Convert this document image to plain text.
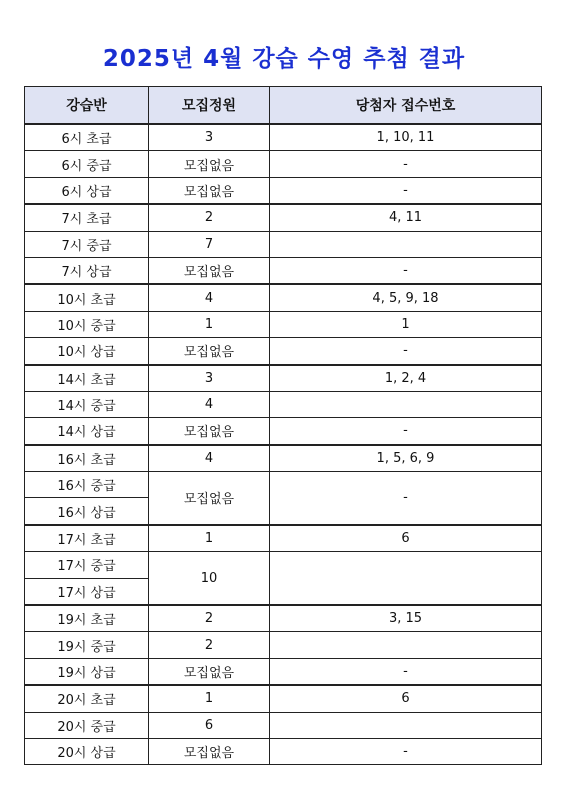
2025년 4월 강습 수영 추첨 결과
강습반	모집정원	당첨자 접수번호
6시 초급	3	1, 10, 11
6시 중급	모집없음	-
6시 상급	모집없음	-
7시 초급	2	4, 11
7시 중급	7	
7시 상급	모집없음	-
10시 초급	4	4, 5, 9, 18
10시 중급	1	1
10시 상급	모집없음	-
14시 초급	3	1, 2, 4
14시 중급	4	
14시 상급	모집없음	-
16시 초급	4	1, 5, 6, 9
16시 중급	모집없음	-
16시 상급		
17시 초급	1	6
17시 중급	10	
17시 상급		
19시 초급	2	3, 15
19시 중급	2	
19시 상급	모집없음	-
20시 초급	1	6
20시 중급	6	
20시 상급	모집없음	-
